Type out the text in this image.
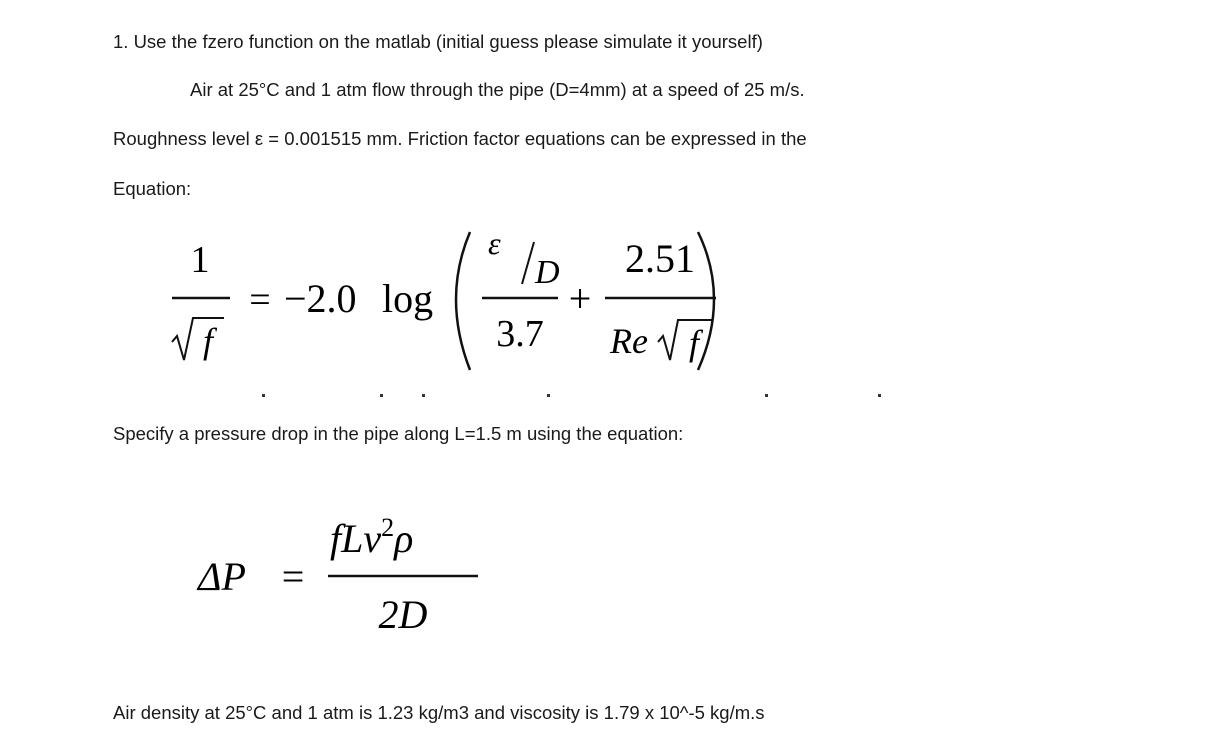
1. Use the fzero function on the matlab (initial guess please simulate it yourself)
Air at 25°C and 1 atm flow through the pipe (D=4mm) at a speed of 25 m/s.
Roughness level ε = 0.001515 mm. Friction factor equations can be expressed in the
Equation:
1
f
= −2.0 log
ε
D
3.7
+
2.51
Re f
Specify a pressure drop in the pipe along L=1.5 m using the equation:
ΔP =
fLv$^2$ρ
2D
Air density at 25°C and 1 atm is 1.23 kg/m3 and viscosity is 1.79 x 10^-5 kg/m.s
